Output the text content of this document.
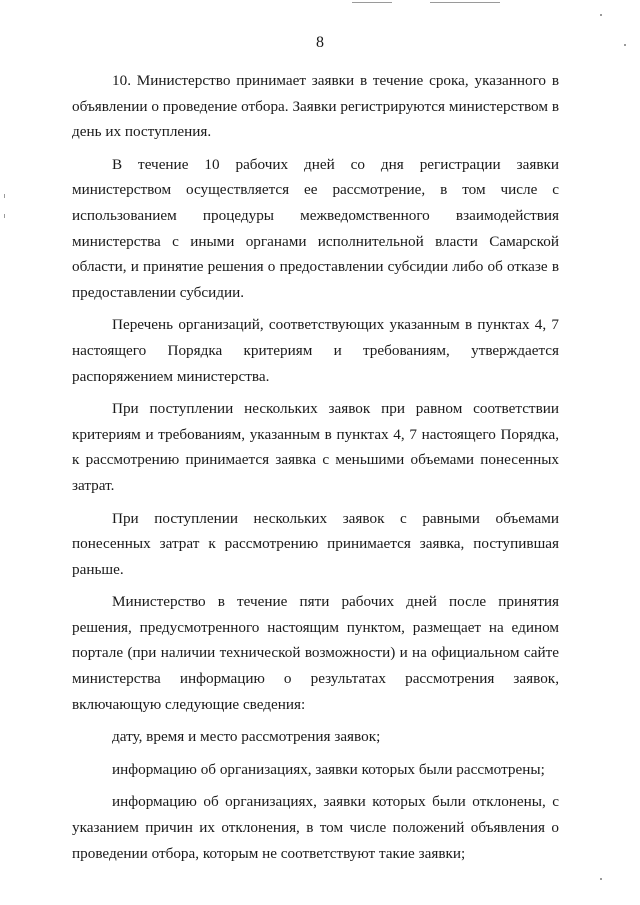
8

10. Министерство принимает заявки в течение срока, указанного в объявлении о проведение отбора. Заявки регистрируются министерством в день их поступления.

В течение 10 рабочих дней со дня регистрации заявки министерством осуществляется ее рассмотрение, в том числе с использованием процедуры межведомственного взаимодействия министерства с иными органами исполнительной власти Самарской области, и принятие решения о предоставлении субсидии либо об отказе в предоставлении субсидии.

Перечень организаций, соответствующих указанным в пунктах 4, 7 настоящего Порядка критериям и требованиям, утверждается распоряжением министерства.

При поступлении нескольких заявок при равном соответствии критериям и требованиям, указанным в пунктах 4, 7 настоящего Порядка, к рассмотрению принимается заявка с меньшими объемами понесенных затрат.

При поступлении нескольких заявок с равными объемами понесенных затрат к рассмотрению принимается заявка, поступившая раньше.

Министерство в течение пяти рабочих дней после принятия решения, предусмотренного настоящим пунктом, размещает на едином портале (при наличии технической возможности) и на официальном сайте министерства информацию о результатах рассмотрения заявок, включающую следующие сведения:

дату, время и место рассмотрения заявок;

информацию об организациях, заявки которых были рассмотрены;

информацию об организациях, заявки которых были отклонены, с указанием причин их отклонения, в том числе положений объявления о проведении отбора, которым не соответствуют такие заявки;
